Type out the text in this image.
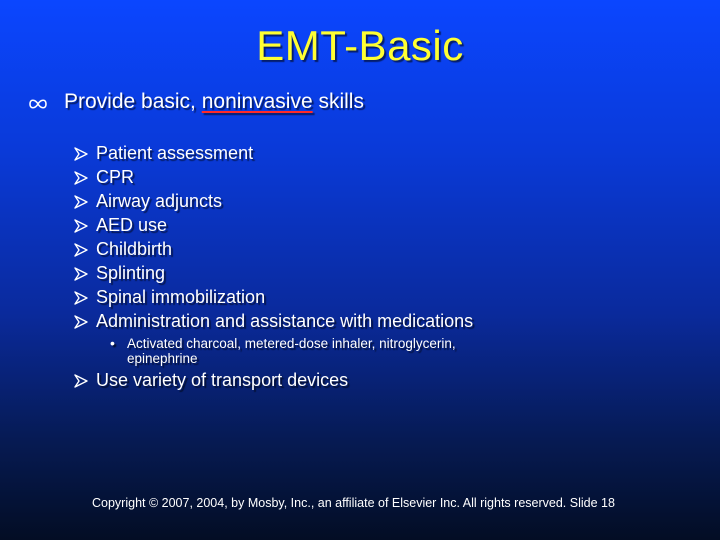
EMT-Basic
Provide basic, noninvasive skills
Patient assessment
CPR
Airway adjuncts
AED use
Childbirth
Splinting
Spinal immobilization
Administration and assistance with medications
• Activated charcoal, metered-dose inhaler, nitroglycerin, epinephrine
Use variety of transport devices
Copyright © 2007, 2004, by Mosby, Inc., an affiliate of Elsevier Inc. All rights reserved. Slide 18
